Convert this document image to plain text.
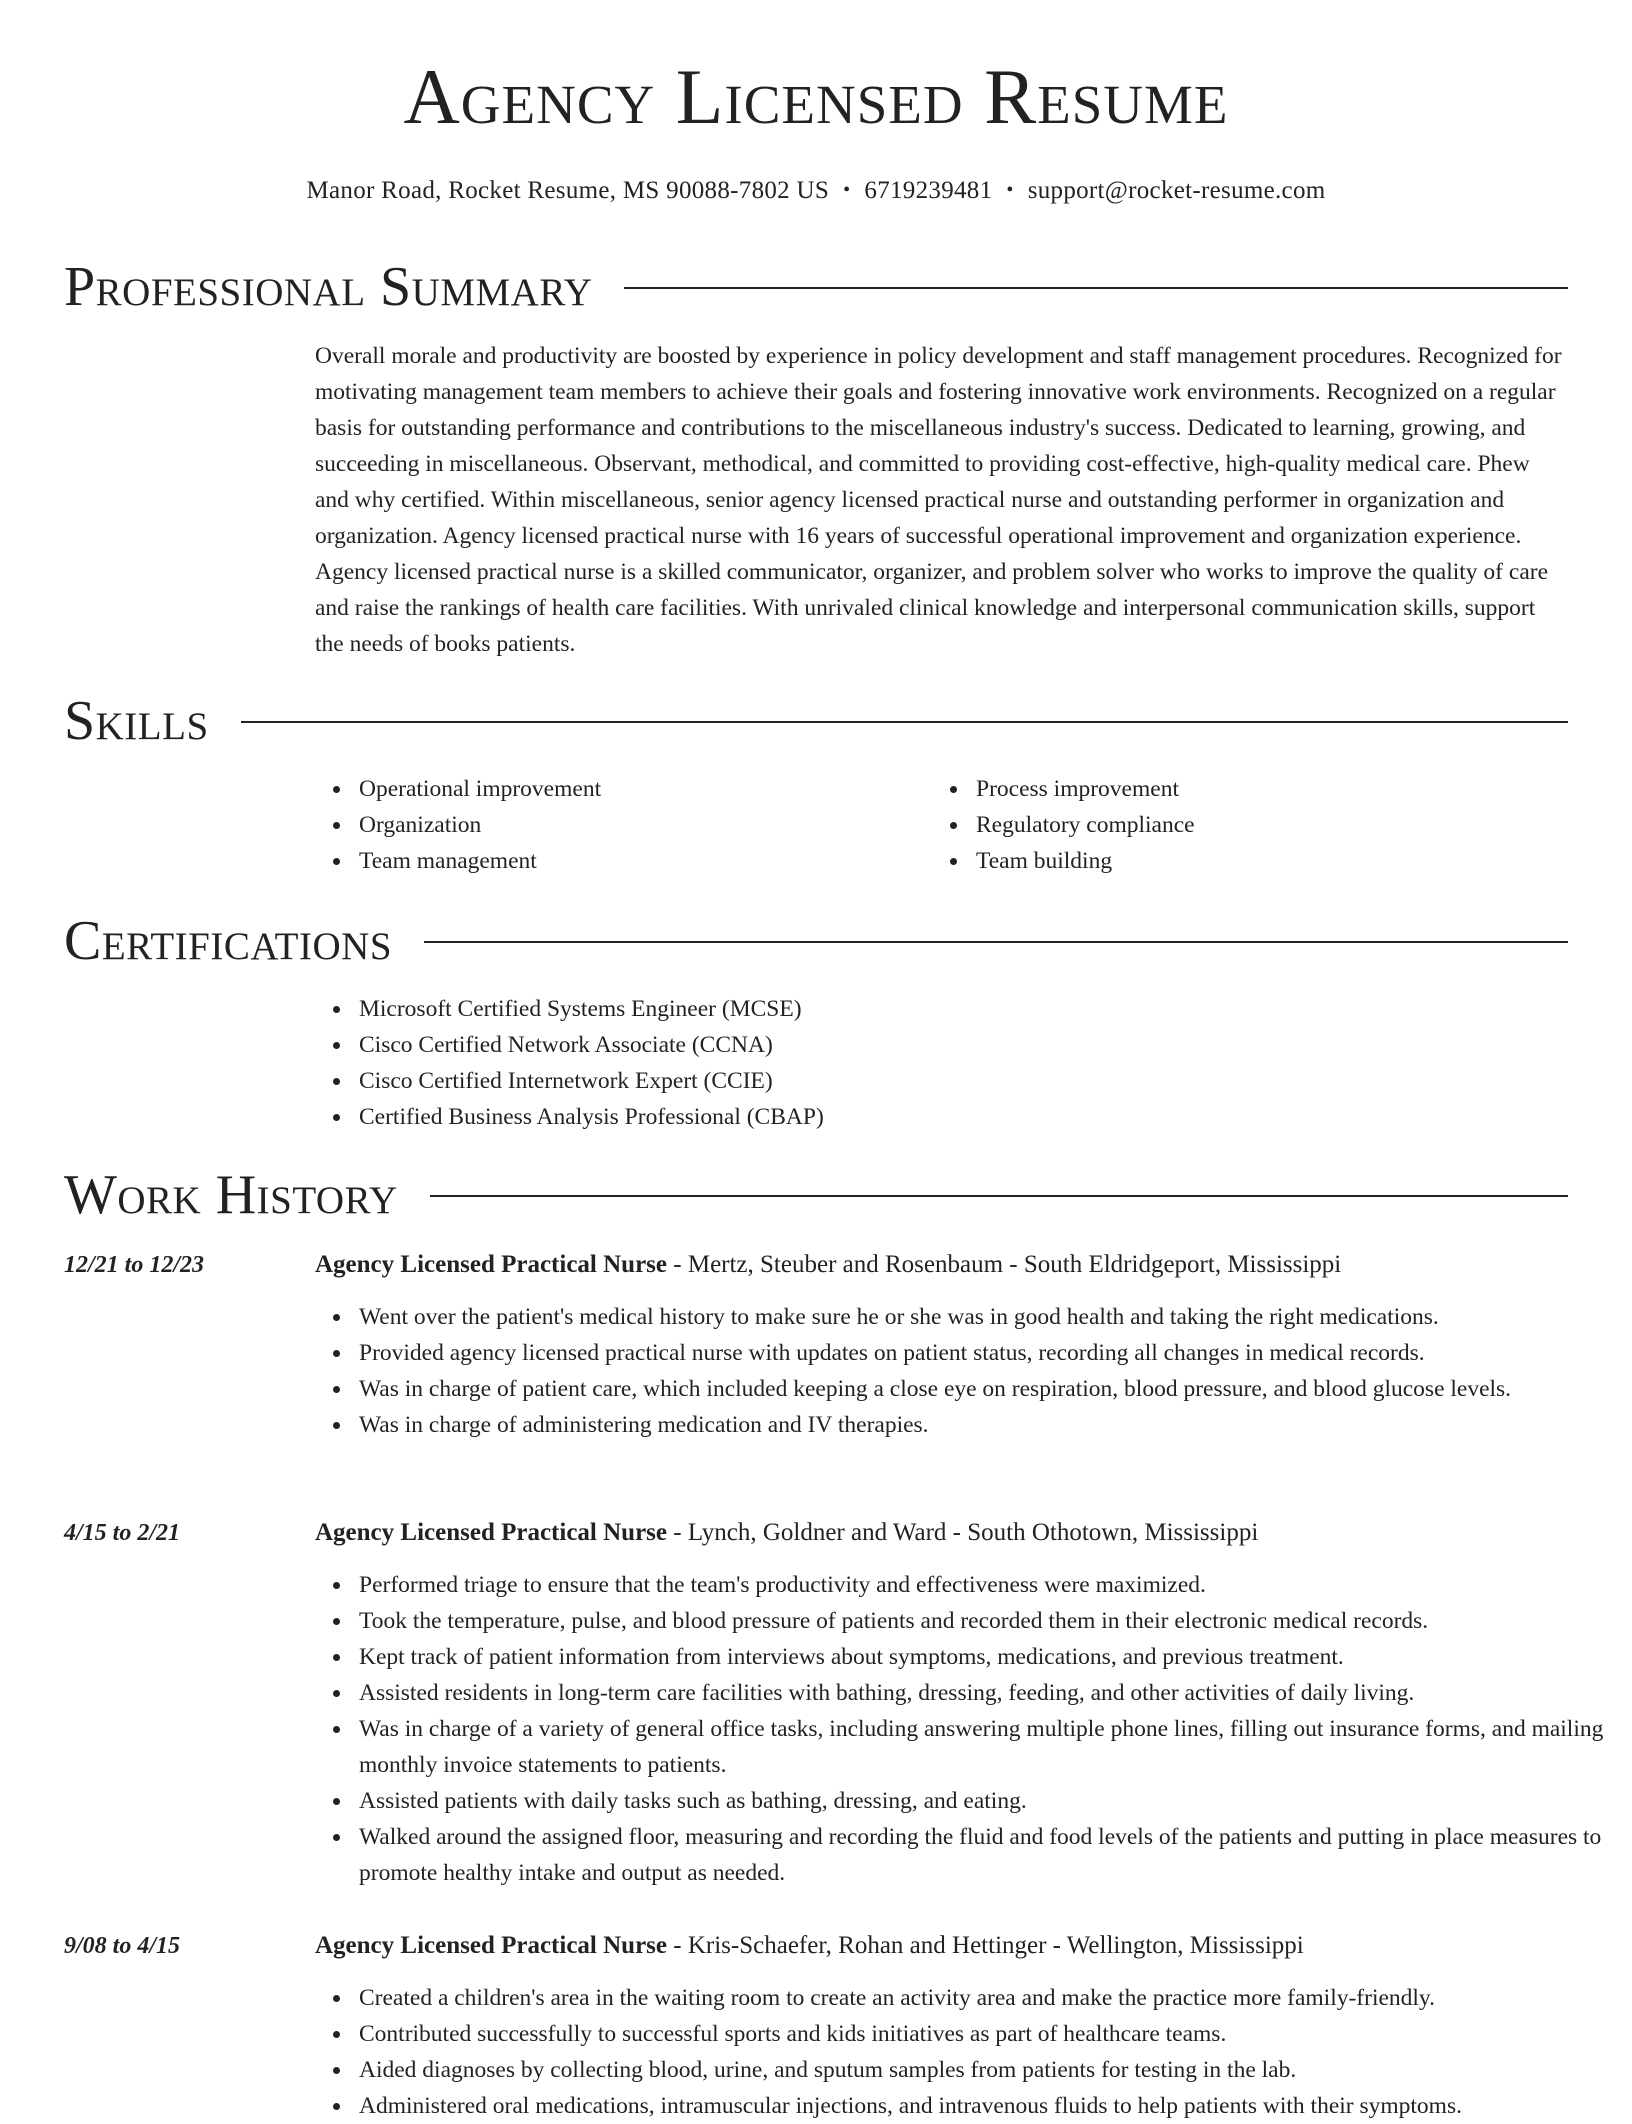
Agency Licensed Resume
Manor Road, Rocket Resume, MS 90088-7802 US • 6719239481 • support@rocket-resume.com
Professional Summary

Overall morale and productivity are boosted by experience in policy development and staff management procedures. Recognized for motivating management team members to achieve their goals and fostering innovative work environments. Recognized on a regular basis for outstanding performance and contributions to the miscellaneous industry's success. Dedicated to learning, growing, and succeeding in miscellaneous. Observant, methodical, and committed to providing cost-effective, high-quality medical care. Phew and why certified. Within miscellaneous, senior agency licensed practical nurse and outstanding performer in organization and organization. Agency licensed practical nurse with 16 years of successful operational improvement and organization experience. Agency licensed practical nurse is a skilled communicator, organizer, and problem solver who works to improve the quality of care and raise the rankings of health care facilities. With unrivaled clinical knowledge and interpersonal communication skills, support the needs of books patients.

Skills
Operational improvement
Organization
Team management
Process improvement
Regulatory compliance
Team building
Certifications
Microsoft Certified Systems Engineer (MCSE)
Cisco Certified Network Associate (CCNA)
Cisco Certified Internetwork Expert (CCIE)
Certified Business Analysis Professional (CBAP)
Work History
12/21 to 12/23	Agency Licensed Practical Nurse - Mertz, Steuber and Rosenbaum - South Eldridgeport, Mississippi
Went over the patient's medical history to make sure he or she was in good health and taking the right medications.
Provided agency licensed practical nurse with updates on patient status, recording all changes in medical records.
Was in charge of patient care, which included keeping a close eye on respiration, blood pressure, and blood glucose levels.
Was in charge of administering medication and IV therapies.
4/15 to 2/21	Agency Licensed Practical Nurse - Lynch, Goldner and Ward - South Othotown, Mississippi
Performed triage to ensure that the team's productivity and effectiveness were maximized.
Took the temperature, pulse, and blood pressure of patients and recorded them in their electronic medical records.
Kept track of patient information from interviews about symptoms, medications, and previous treatment.
Assisted residents in long-term care facilities with bathing, dressing, feeding, and other activities of daily living.
Was in charge of a variety of general office tasks, including answering multiple phone lines, filling out insurance forms, and mailing monthly invoice statements to patients.
Assisted patients with daily tasks such as bathing, dressing, and eating.
Walked around the assigned floor, measuring and recording the fluid and food levels of the patients and putting in place measures to promote healthy intake and output as needed.
9/08 to 4/15	Agency Licensed Practical Nurse - Kris-Schaefer, Rohan and Hettinger - Wellington, Mississippi
Created a children's area in the waiting room to create an activity area and make the practice more family-friendly.
Contributed successfully to successful sports and kids initiatives as part of healthcare teams.
Aided diagnoses by collecting blood, urine, and sputum samples from patients for testing in the lab.
Administered oral medications, intramuscular injections, and intravenous fluids to help patients with their symptoms.
